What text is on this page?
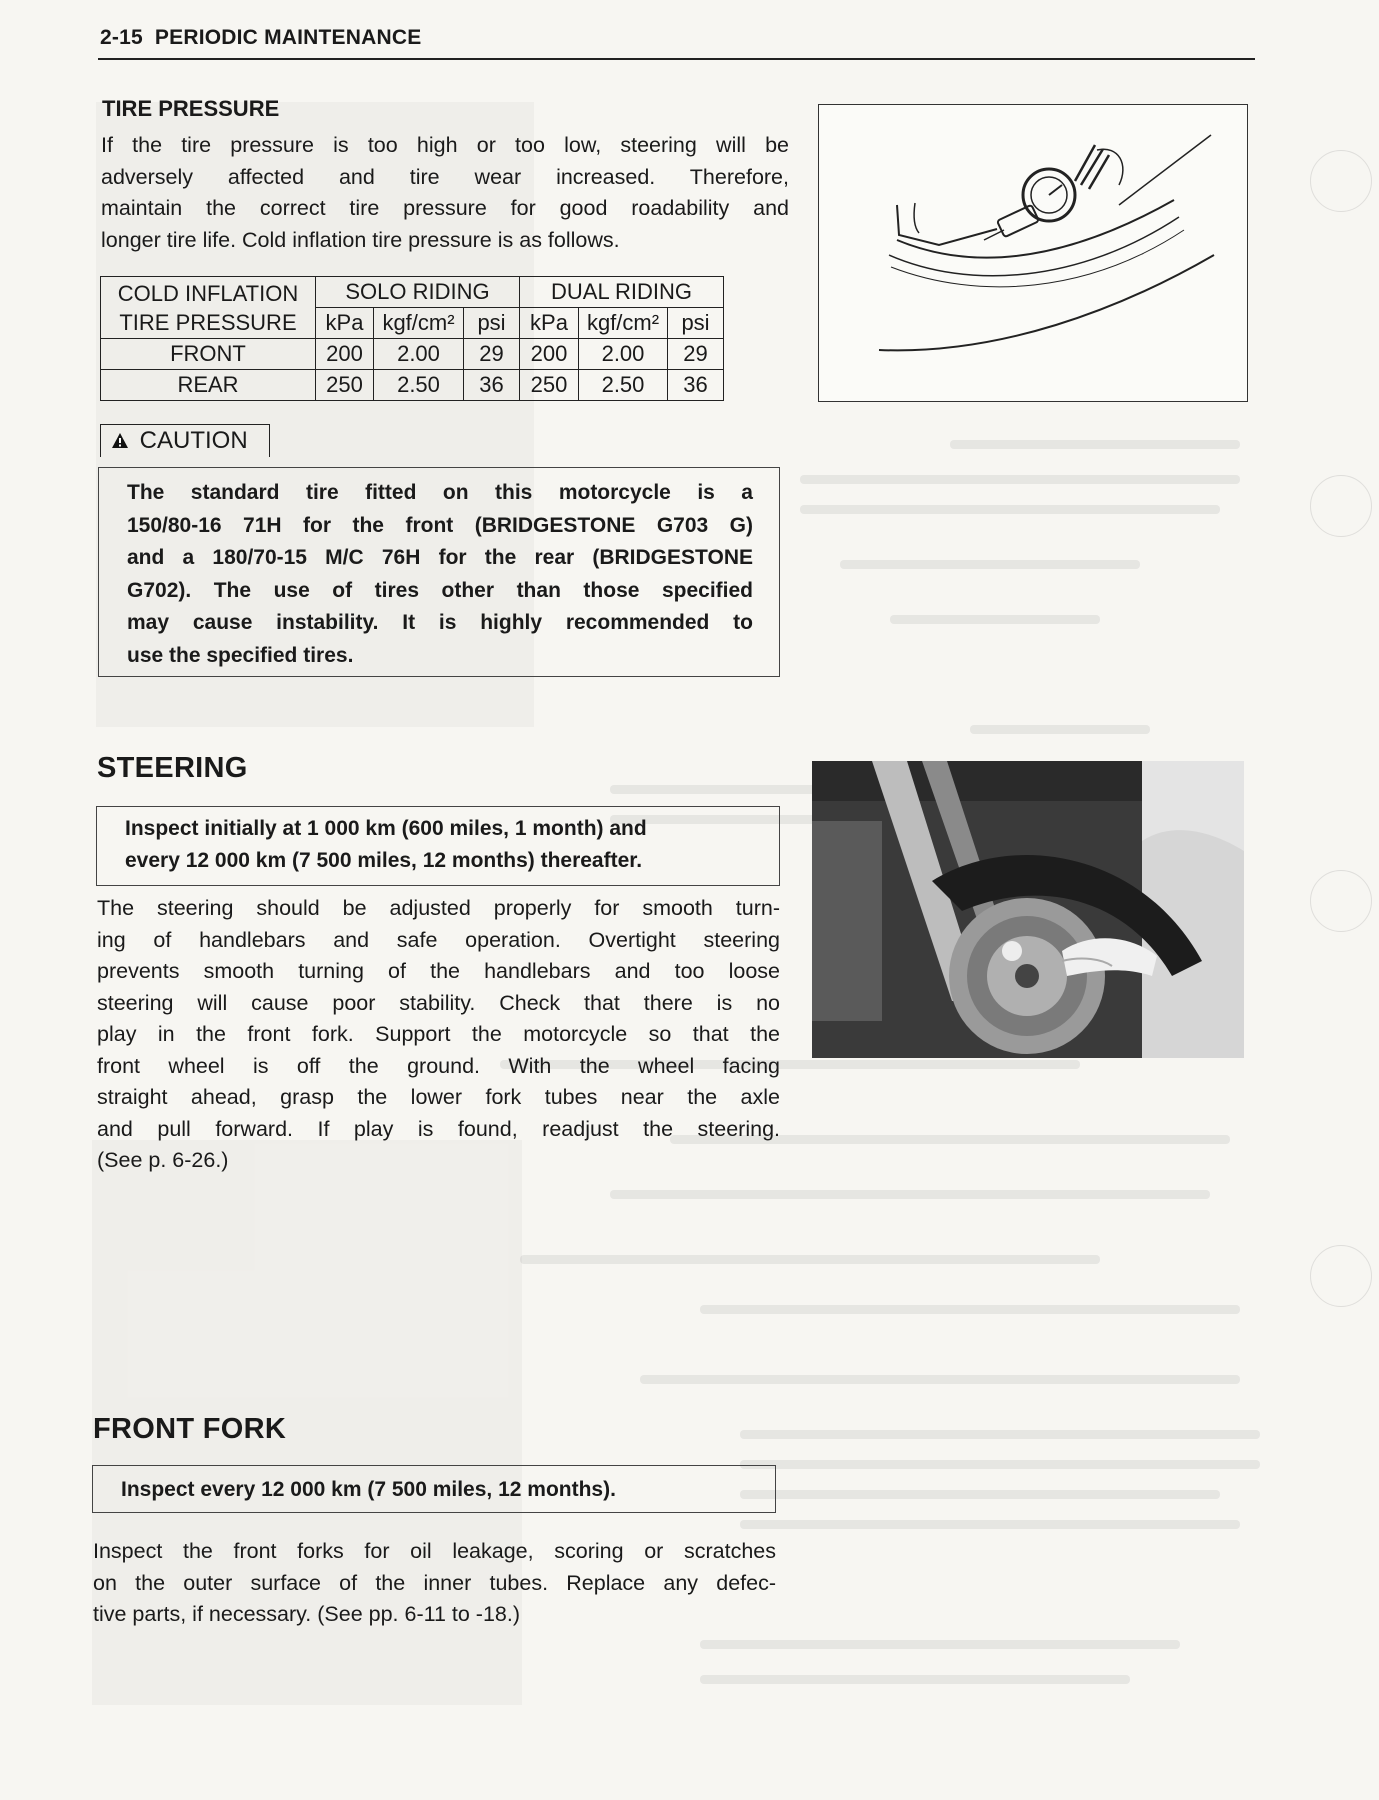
2-15 PERIODIC MAINTENANCE
TIRE PRESSURE
If the tire pressure is too high or too low, steering will be
adversely affected and tire wear increased. Therefore,
maintain the correct tire pressure for good roadability and
longer tire life. Cold inflation tire pressure is as follows.
COLD INFLATION
TIRE PRESSURE	SOLO RIDING			DUAL RIDING		
	kPa	kgf/cm²	psi	kPa	kgf/cm²	psi
FRONT	200	2.00	29	200	2.00	29
REAR	250	2.50	36	250	2.50	36
CAUTION
The standard tire fitted on this motorcycle is a
150/80-16 71H for the front (BRIDGESTONE G703 G)
and a 180/70-15 M/C 76H for the rear (BRIDGESTONE
G702). The use of tires other than those specified
may cause instability. It is highly recommended to
use the specified tires.
STEERING
Inspect initially at 1 000 km (600 miles, 1 month) and
every 12 000 km (7 500 miles, 12 months) thereafter.
The steering should be adjusted properly for smooth turn-
ing of handlebars and safe operation. Overtight steering
prevents smooth turning of the handlebars and too loose
steering will cause poor stability. Check that there is no
play in the front fork. Support the motorcycle so that the
front wheel is off the ground. With the wheel facing
straight ahead, grasp the lower fork tubes near the axle
and pull forward. If play is found, readjust the steering.
(See p. 6-26.)
FRONT FORK
Inspect every 12 000 km (7 500 miles, 12 months).
Inspect the front forks for oil leakage, scoring or scratches
on the outer surface of the inner tubes. Replace any defec-
tive parts, if necessary. (See pp. 6-11 to -18.)
